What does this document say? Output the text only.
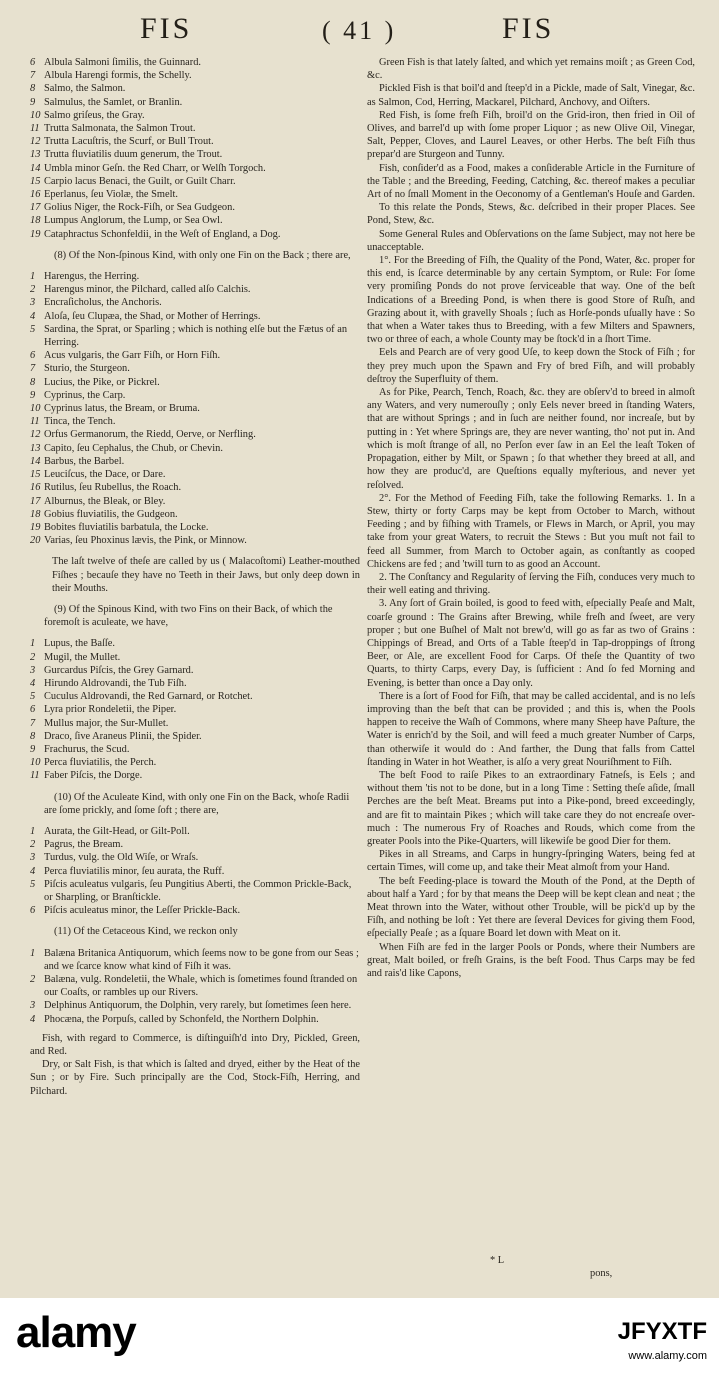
FIS	( 41 )	FIS
6 Albula Salmoni ſimilis, the Guinnard.
7 Albula Harengi formis, the Schelly.
8 Salmo, the Salmon.
9 Salmulus, the Samlet, or Branlin.
10 Salmo griſeus, the Gray.
11 Trutta Salmonata, the Salmon Trout.
12 Trutta Lacuſtris, the Scurf, or Bull Trout.
13 Trutta fluviatilis duum generum, the Trout.
14 Umbla minor Geſn. the Red Charr, or Welſh Torgoch.
15 Carpio lacus Benaci, the Guilt, or Guilt Charr.
16 Eperlanus, ſeu Violæ, the Smelt.
17 Golius Niger, the Rock-Fiſh, or Sea Gudgeon.
18 Lumpus Anglorum, the Lump, or Sea Owl.
19 Cataphractus Schonfeldii, in the Weſt of England, a Dog.
(8) Of the Non-ſpinous Kind, with only one Fin on the Back ; there are,
1 Harengus, the Herring.
2 Harengus minor, the Pilchard, called alſo Calchis.
3 Encraſicholus, the Anchoris.
4 Aloſa, ſeu Clupæa, the Shad, or Mother of Herrings.
5 Sardina, the Sprat, or Sparling ; which is nothing elſe but the Fætus of an Herring.
6 Acus vulgaris, the Garr Fiſh, or Horn Fiſh.
7 Sturio, the Sturgeon.
8 Lucius, the Pike, or Pickrel.
9 Cyprinus, the Carp.
10 Cyprinus latus, the Bream, or Bruma.
11 Tinca, the Tench.
12 Orfus Germanorum, the Riedd, Oerve, or Nerfling.
13 Capito, ſeu Cephalus, the Chub, or Chevin.
14 Barbus, the Barbel.
15 Leuciſcus, the Dace, or Dare.
16 Rutilus, ſeu Rubellus, the Roach.
17 Alburnus, the Bleak, or Bley.
18 Gobius fluviatilis, the Gudgeon.
19 Bobites fluviatilis barbatula, the Locke.
20 Varias, ſeu Phoxinus lævis, the Pink, or Minnow.
The laſt twelve of theſe are called by us ( Malacoſtomi) Leather-mouthed Fiſhes ; becauſe they have no Teeth in their Jaws, but only deep down in their Mouths.
(9) Of the Spinous Kind, with two Fins on their Back, of which the foremoſt is aculeate, we have,
1 Lupus, the Baſſe.
2 Mugil, the Mullet.
3 Gurcardus Piſcis, the Grey Garnard.
4 Hirundo Aldrovandi, the Tub Fiſh.
5 Cuculus Aldrovandi, the Red Garnard, or Rotchet.
6 Lyra prior Rondeletii, the Piper.
7 Mullus major, the Sur-Mullet.
8 Draco, ſive Araneus Plinii, the Spider.
9 Frachurus, the Scud.
10 Perca fluviatilis, the Perch.
11 Faber Piſcis, the Dorge.
(10) Of the Aculeate Kind, with only one Fin on the Back, whoſe Radii are ſome prickly, and ſome ſoft ; there are,
1 Aurata, the Gilt-Head, or Gilt-Poll.
2 Pagrus, the Bream.
3 Turdus, vulg. the Old Wiſe, or Wraſs.
4 Perca fluviatilis minor, ſeu aurata, the Ruff.
5 Piſcis aculeatus vulgaris, ſeu Pungitius Aberti, the Common Prickle-Back, or Sharpling, or Branſtickle.
6 Piſcis aculeatus minor, the Leſſer Prickle-Back.
(11) Of the Cetaceous Kind, we reckon only
1 Balæna Britanica Antiquorum, which ſeems now to be gone from our Seas ; and we ſcarce know what kind of Fiſh it was.
2 Balæna, vulg. Rondeletii, the Whale, which is ſometimes found ſtranded on our Coaſts, or rambles up our Rivers.
3 Delphinus Antiquorum, the Dolphin, very rarely, but ſometimes ſeen here.
4 Phocæna, the Porpuſs, called by Schonfeld, the Northern Dolphin.

Fish, with regard to Commerce, is diſtinguiſh'd into Dry, Pickled, Green, and Red.

Dry, or Salt Fish, is that which is ſalted and dryed, either by the Heat of the Sun ; or by Fire. Such principally are the Cod, Stock-Fiſh, Herring, and Pilchard.

Green Fish is that lately ſalted, and which yet remains moiſt ; as Green Cod, &c.

Pickled Fish is that boil'd and ſteep'd in a Pickle, made of Salt, Vinegar, &c. as Salmon, Cod, Herring, Mackarel, Pilchard, Anchovy, and Oiſters.

Red Fish, is ſome freſh Fiſh, broil'd on the Grid-iron, then fried in Oil of Olives, and barrel'd up with ſome proper Liquor ; as new Olive Oil, Vinegar, Salt, Pepper, Cloves, and Laurel Leaves, or other Herbs. The beſt Fiſh thus prepar'd are Sturgeon and Tunny.

Fish, conſider'd as a Food, makes a conſiderable Article in the Furniture of the Table ; and the Breeding, Feeding, Catching, &c. thereof makes a peculiar Art of no ſmall Moment in the Oeconomy of a Gentleman's Houſe and Garden.

To this relate the Ponds, Stews, &c. deſcribed in their proper Places. See Pond, Stew, &c.

Some General Rules and Obſervations on the ſame Subject, may not here be unacceptable.

1°. For the Breeding of Fiſh, the Quality of the Pond, Water, &c. proper for this end, is ſcarce determinable by any certain Symptom, or Rule: For ſome very promiſing Ponds do not prove ſerviceable that way. One of the beſt Indications of a Breeding Pond, is when there is good Store of Ruſh, and Grazing about it, with gravelly Shoals ; ſuch as Horſe-ponds uſually have : So that when a Water takes thus to Breeding, with a few Milters and Spawners, two or three of each, a whole County may be ſtock'd in a ſhort Time.

Eels and Pearch are of very good Uſe, to keep down the Stock of Fiſh ; for they prey much upon the Spawn and Fry of bred Fiſh, and will probably deſtroy the Superfluity of them.

As for Pike, Pearch, Tench, Roach, &c. they are obſerv'd to breed in almoſt any Waters, and very numerouſly ; only Eels never breed in ſtanding Waters, that are without Springs ; and in ſuch are neither found, nor increaſe, but by putting in : Yet where Springs are, they are never wanting, tho' not put in. And which is moſt ſtrange of all, no Perſon ever ſaw in an Eel the leaſt Token of Propagation, either by Milt, or Spawn ; ſo that whether they breed at all, and how they are produc'd, are Queſtions equally myſterious, and never yet reſolved.

2°. For the Method of Feeding Fiſh, take the following Remarks. 1. In a Stew, thirty or forty Carps may be kept from October to March, without Feeding ; and by fiſhing with Tramels, or Flews in March, or April, you may take from your great Waters, to recruit the Stews : But you muſt not fail to feed all Summer, from March to October again, as conſtantly as cooped Chickens are fed ; and 'twill turn to as good an Account.

2. The Conſtancy and Regularity of ſerving the Fiſh, conduces very much to their well eating and thriving.

3. Any ſort of Grain boiled, is good to feed with, eſpecially Peaſe and Malt, coarſe ground : The Grains after Brewing, while freſh and ſweet, are very proper ; but one Buſhel of Malt not brew'd, will go as far as two of Grains : Chippings of Bread, and Orts of a Table ſteep'd in Tap-droppings of ſtrong Beer, or Ale, are excellent Food for Carps. Of theſe the Quantity of two Quarts, to thirty Carps, every Day, is ſufficient : And ſo fed Morning and Evening, is better than once a Day only.

There is a ſort of Food for Fiſh, that may be called accidental, and is no leſs improving than the beſt that can be provided ; and this is, when the Pools happen to receive the Waſh of Commons, where many Sheep have Paſture, the Water is enrich'd by the Soil, and will feed a much greater Number of Carps, than otherwiſe it would do : And farther, the Dung that falls from Cattel ſtanding in Water in hot Weather, is alſo a very great Nouriſhment to Fiſh.

The beſt Food to raiſe Pikes to an extraordinary Fatneſs, is Eels ; and without them 'tis not to be done, but in a long Time : Setting theſe aſide, ſmall Perches are the beſt Meat. Breams put into a Pike-pond, breed exceedingly, and are fit to maintain Pikes ; which will take care they do not encreaſe over-much : The numerous Fry of Roaches and Rouds, which come from the greater Pools into the Pike-Quarters, will likewiſe be good Dier for them.

Pikes in all Streams, and Carps in hungry-ſpringing Waters, being fed at certain Times, will come up, and take their Meat almoſt from your Hand.

The beſt Feeding-place is toward the Mouth of the Pond, at the Depth of about half a Yard ; for by that means the Deep will be kept clean and neat ; the Meat thrown into the Water, without other Trouble, will be pick'd up by the Fiſh, and nothing be loſt : Yet there are ſeveral Devices for giving them Food, eſpecially Peaſe ; as a ſquare Board let down with Meat on it.

When Fiſh are fed in the larger Pools or Ponds, where their Numbers are great, Malt boiled, or freſh Grains, is the beſt Food. Thus Carps may be fed and rais'd like Capons,

* L
pons,
alamy	JFYXTF
www.alamy.com
